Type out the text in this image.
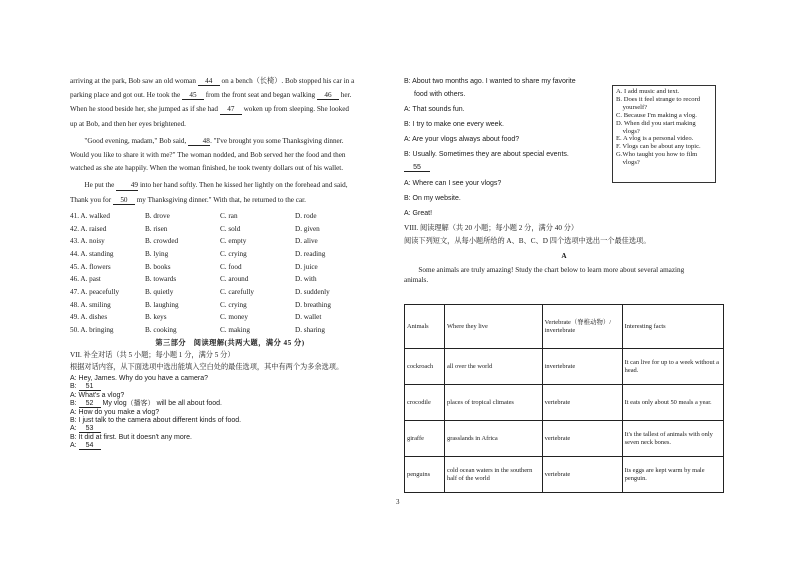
arriving at the park, Bob saw an old woman 44 on a bench（长椅）. Bob stopped his car in a

parking place and got out. He took the 45 from the front seat and began walking 46 her.

When he stood beside her, she jumped as if she had 47 woken up from sleeping. She looked

up at Bob, and then her eyes brightened.

"Good evening, madam," Bob said, 48. "I've brought you some Thanksgiving dinner.

Would you like to share it with me?" The woman nodded, and Bob served her the food and then

watched as she ate happily. When the woman finished, he took twenty dollars out of his wallet.

He put the 49 into her hand softly. Then he kissed her lightly on the forehead and said,

Thank you for 50 my Thanksgiving dinner." With that, he returned to the car.

41. A. walked	B. drove	C. ran	D. rode
42. A. raised	B. risen	C. sold	D. given
43. A. noisy	B. crowded	C. empty	D. alive
44. A. standing	B. lying	C. crying	D. reading
45. A. flowers	B. books	C. food	D. juice
46. A. past	B. towards	C. around	D. with
47. A. peacefully	B. quietly	C. carefully	D. suddenly
48. A. smiling	B. laughing	C. crying	D. breathing
49. A. dishes	B. keys	C. money	D. wallet
50. A. bringing	B. cooking	C. making	D. sharing

第三部分　阅读理解(共两大题，满分 45 分)

VII. 补全对话（共 5 小题；每小题 1 分，满分 5 分）

根据对话内容，从下面选项中选出能填入空白处的最佳选项，其中有两个为多余选项。

A: Hey, James. Why do you have a camera?

B: 51

A: What's a vlog?

B: 52 My vlog（播客） will be all about food.

A: How do you make a vlog?

B: I just talk to the camera about different kinds of food.

A: 53

B: It did at first. But it doesn't any more.

A: 54

B: About two months ago. I wanted to share my favorite

food with others.

A: That sounds fun.

B: I try to make one every week.

A: Are your vlogs always about food?

B: Usually. Sometimes they are about special events.

55

A: Where can I see your vlogs?

B: On my website.

A: Great!

VIII. 阅读理解（共 20 小题；每小题 2 分，满分 40 分）

阅读下列短文，从每小题所给的 A、B、C、D 四个选项中选出一个最佳选项。

A

Some animals are truly amazing! Study the chart below to learn more about several amazing

animals.

A. I add music and text.
B. Does it feel strange to record
　yourself?
C. Because I'm making a vlog.
D. When did you start making
　vlogs?
E. A vlog is a personal video.
F. Vlogs can be about any topic.
G.Who taught you how to film
　vlogs?
Animals	Where they live	Vertebrate（脊椎动物）/ invertebrate	Interesting facts
cockroach	all over the world	invertebrate	It can live for up to a week without a head.
crocodile	places of tropical climates	vertebrate	It eats only about 50 meals a year.
giraffe	grasslands in Africa	vertebrate	It's the tallest of animals with only seven neck bones.
penguins	cold ocean waters in the southern half of the world	vertebrate	Its eggs are kept warm by male penguin.
3
